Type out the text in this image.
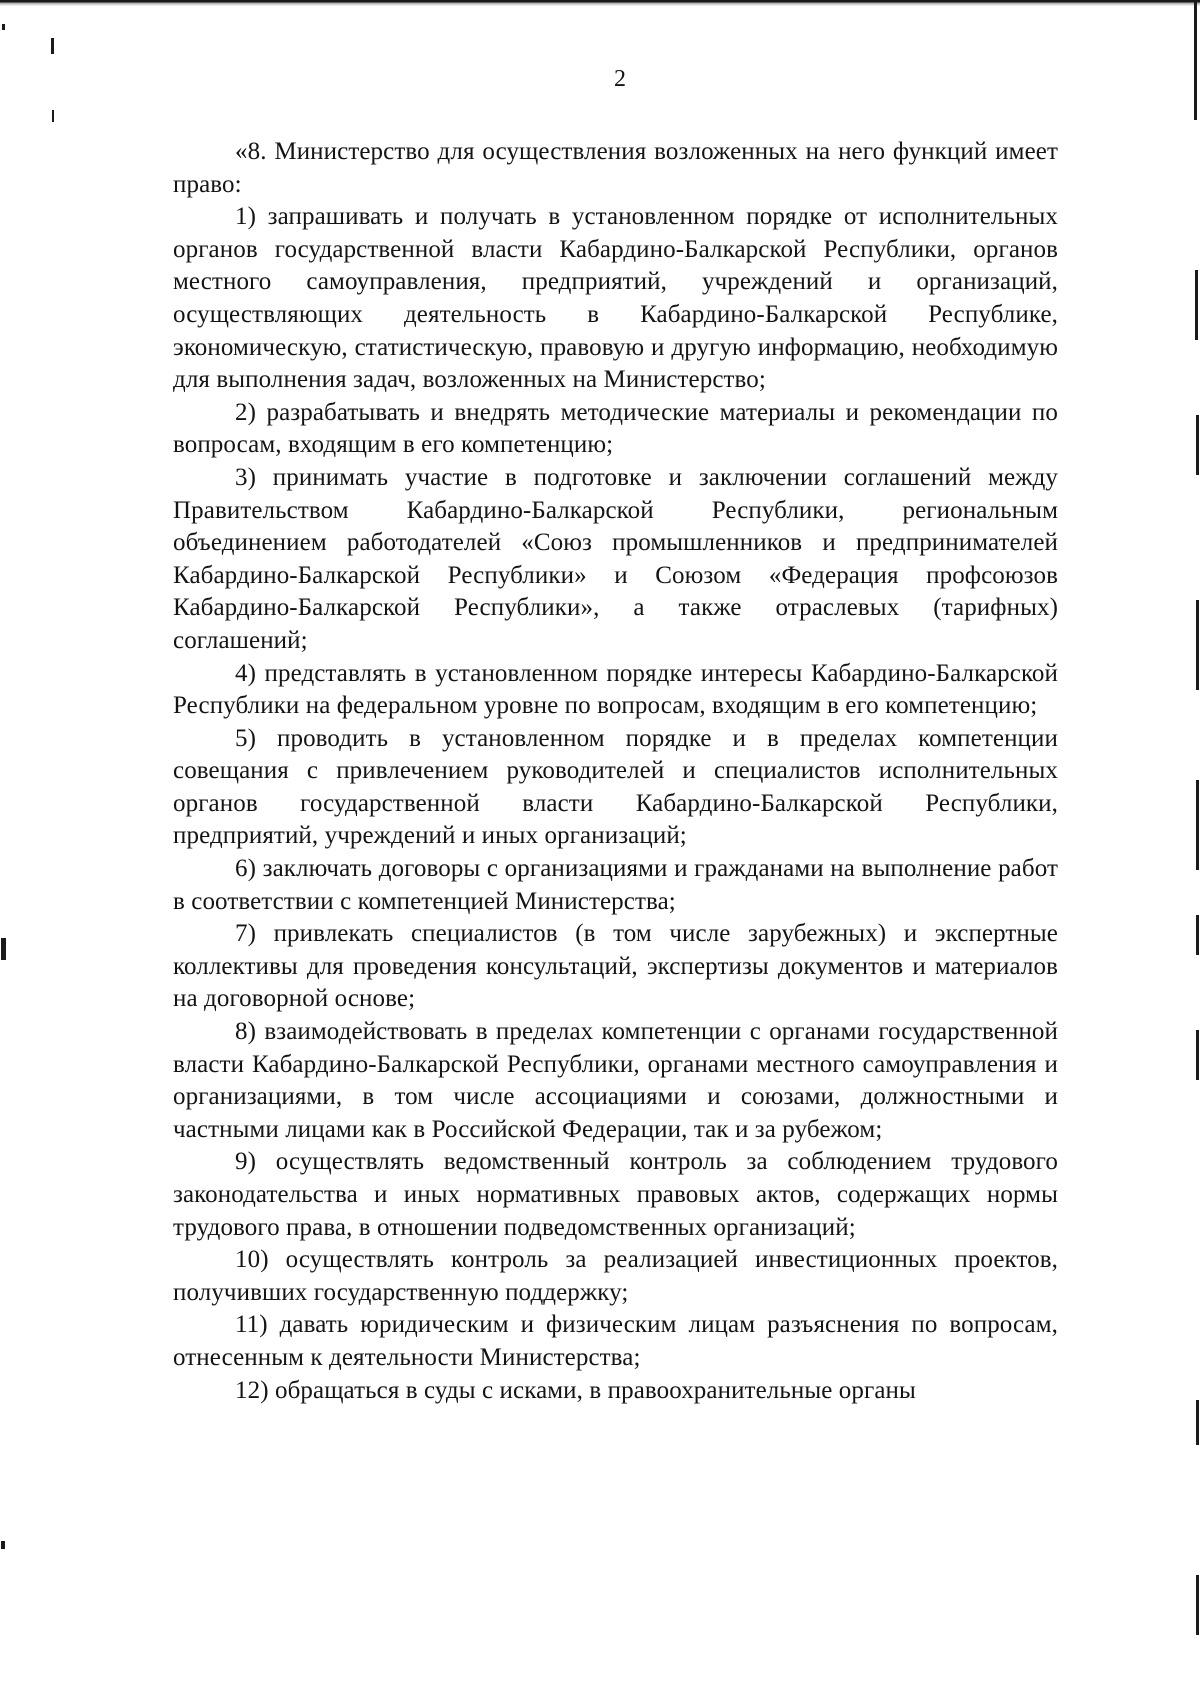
2

«8. Министерство для осуществления возложенных на него функций имеет право:

1) запрашивать и получать в установленном порядке от исполнительных органов государственной власти Кабардино-Балкарской Республики, органов местного самоуправления, предприятий, учреждений и организаций, осуществляющих деятельность в Кабардино-Балкарской Республике, экономическую, статистическую, правовую и другую информацию, необходимую для выполнения задач, возложенных на Министерство;

2) разрабатывать и внедрять методические материалы и рекомендации по вопросам, входящим в его компетенцию;

3) принимать участие в подготовке и заключении соглашений между Правительством Кабардино-Балкарской Республики, региональным объединением работодателей «Союз промышленников и предпринимателей Кабардино-Балкарской Республики» и Союзом «Федерация профсоюзов Кабардино-Балкарской Республики», а также отраслевых (тарифных) соглашений;

4) представлять в установленном порядке интересы Кабардино-Балкарской Республики на федеральном уровне по вопросам, входящим в его компетенцию;

5) проводить в установленном порядке и в пределах компетенции совещания с привлечением руководителей и специалистов исполнительных органов государственной власти Кабардино-Балкарской Республики, предприятий, учреждений и иных организаций;

6) заключать договоры с организациями и гражданами на выполнение работ в соответствии с компетенцией Министерства;

7) привлекать специалистов (в том числе зарубежных) и экспертные коллективы для проведения консультаций, экспертизы документов и материалов на договорной основе;

8) взаимодействовать в пределах компетенции с органами государственной власти Кабардино-Балкарской Республики, органами местного самоуправления и организациями, в том числе ассоциациями и союзами, должностными и частными лицами как в Российской Федерации, так и за рубежом;

9) осуществлять ведомственный контроль за соблюдением трудового законодательства и иных нормативных правовых актов, содержащих нормы трудового права, в отношении подведомственных организаций;

10) осуществлять контроль за реализацией инвестиционных проектов, получивших государственную поддержку;

11) давать юридическим и физическим лицам разъяснения по вопросам, отнесенным к деятельности Министерства;

12) обращаться в суды с исками, в правоохранительные органы
